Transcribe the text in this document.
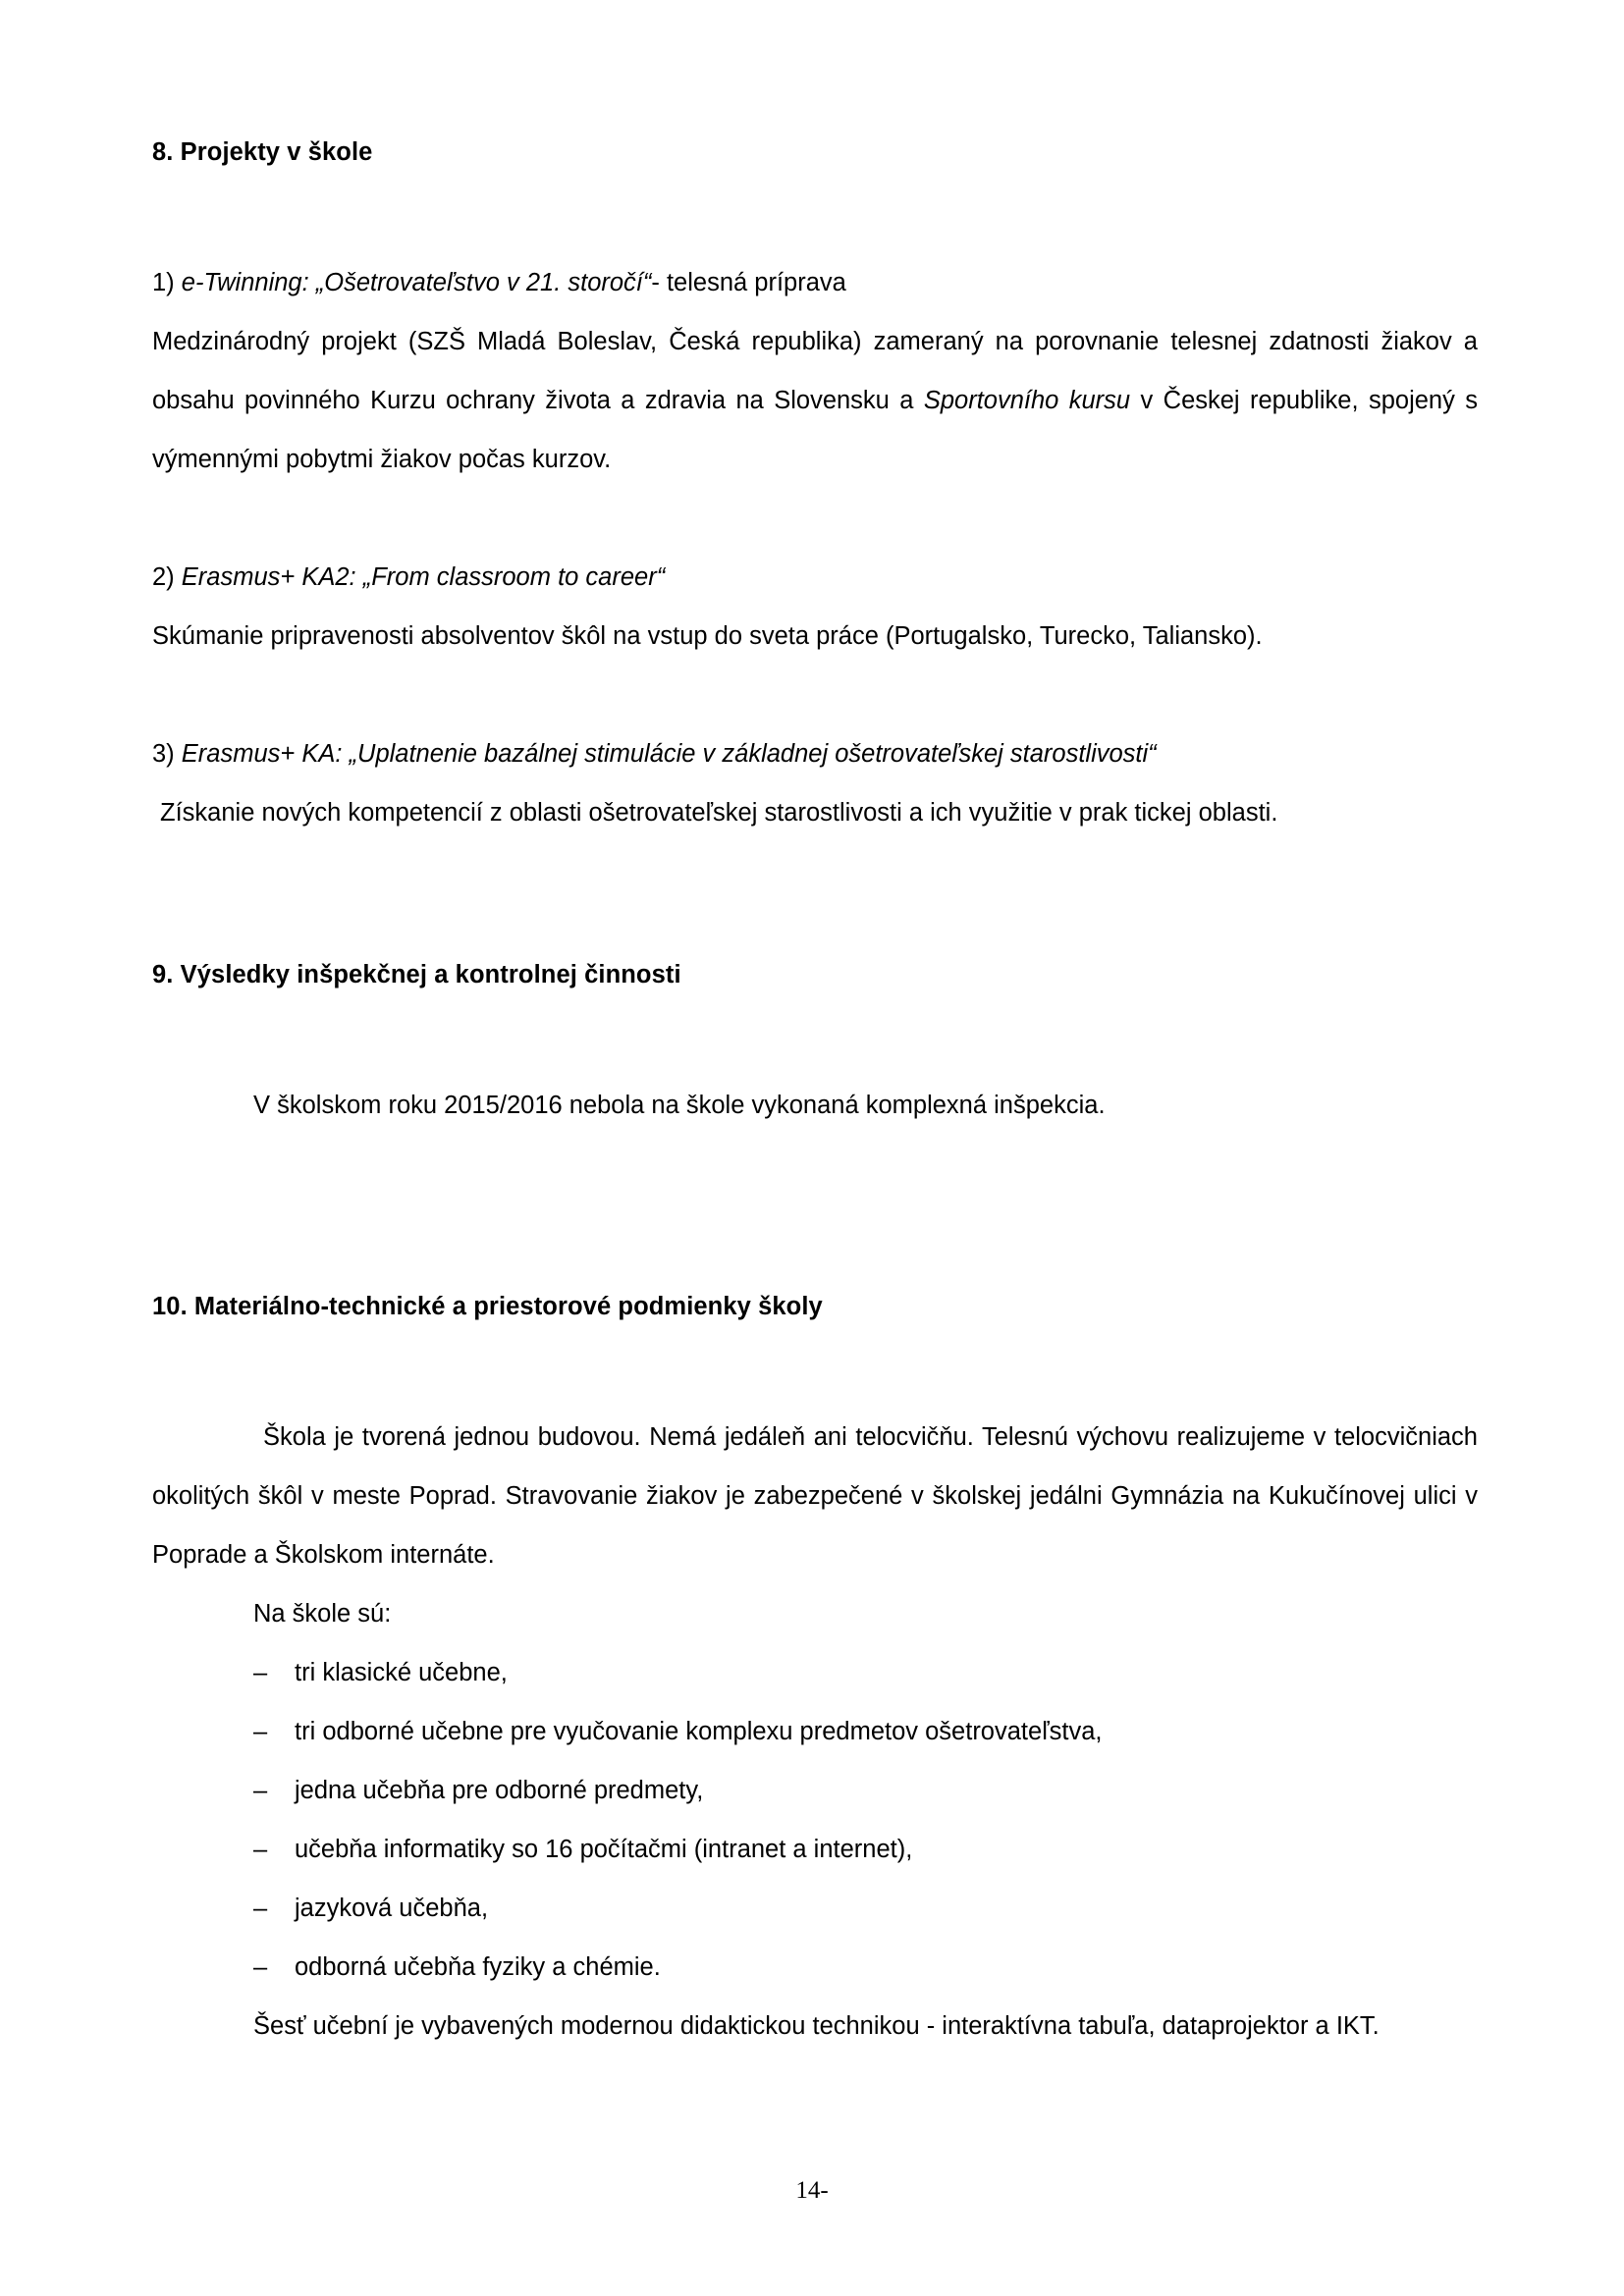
8. Projekty v škole

1) e-Twinning: „Ošetrovateľstvo v 21. storočí“- telesná príprava

Medzinárodný projekt (SZŠ Mladá Boleslav, Česká republika) zameraný na porovnanie telesnej zdatnosti žiakov a obsahu povinného Kurzu ochrany života a zdravia na Slovensku a Sportovního kursu v Českej republike, spojený s výmennými pobytmi žiakov počas kurzov.

2) Erasmus+ KA2: „From classroom to career“

Skúmanie pripravenosti absolventov škôl na vstup do sveta práce (Portugalsko, Turecko, Taliansko).

3) Erasmus+ KA: „Uplatnenie bazálnej stimulácie v základnej ošetrovateľskej starostlivosti“

Získanie nových kompetencií z oblasti ošetrovateľskej starostlivosti a ich využitie v prak tickej oblasti.

9. Výsledky inšpekčnej a kontrolnej činnosti

V školskom roku 2015/2016 nebola na škole vykonaná komplexná inšpekcia.

10. Materiálno-technické a priestorové podmienky školy

Škola je tvorená jednou budovou. Nemá jedáleň ani telocvičňu. Telesnú výchovu realizujeme v telocvičniach okolitých škôl v meste Poprad. Stravovanie žiakov je zabezpečené v školskej jedálni Gymnázia na Kukučínovej ulici v Poprade a Školskom internáte.

Na škole sú:

– tri klasické učebne,
– tri odborné učebne pre vyučovanie komplexu predmetov ošetrovateľstva,
– jedna učebňa pre odborné predmety,
– učebňa informatiky so 16 počítačmi (intranet a internet),
– jazyková učebňa,
– odborná učebňa fyziky a chémie.

Šesť učební je vybavených modernou didaktickou technikou - interaktívna tabuľa, dataprojektor a IKT.

14-
